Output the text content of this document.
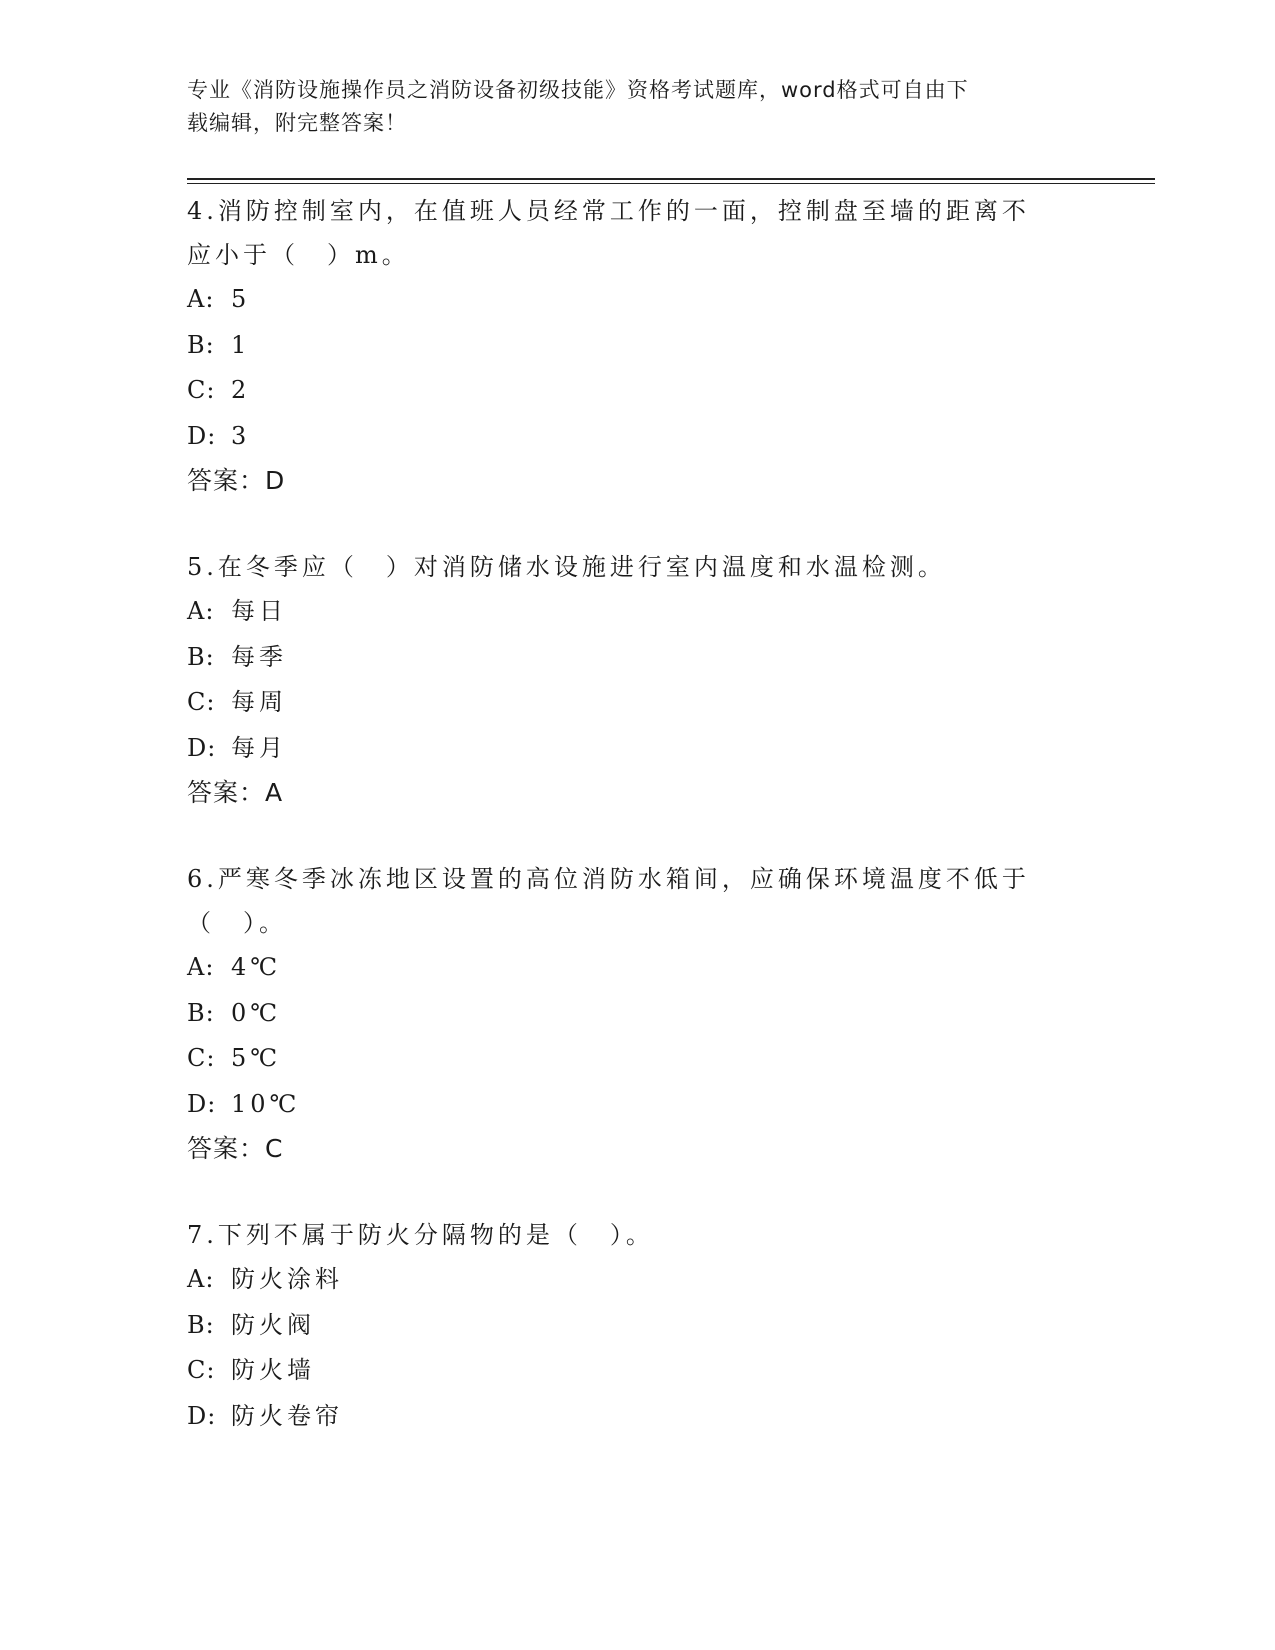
专业《消防设施操作员之消防设备初级技能》资格考试题库，word格式可自由下
载编辑，附完整答案！
4.消防控制室内，在值班人员经常工作的一面，控制盘至墙的距离不
应小于（　）m。
A: 5
B: 1
C: 2
D: 3
答案：D
5.在冬季应（　）对消防储水设施进行室内温度和水温检测。
A: 每日
B: 每季
C: 每周
D: 每月
答案：A
6.严寒冬季冰冻地区设置的高位消防水箱间，应确保环境温度不低于
（　）。
A: 4℃
B: 0℃
C: 5℃
D: 10℃
答案：C
7.下列不属于防火分隔物的是（　）。
A: 防火涂料
B: 防火阀
C: 防火墙
D: 防火卷帘
